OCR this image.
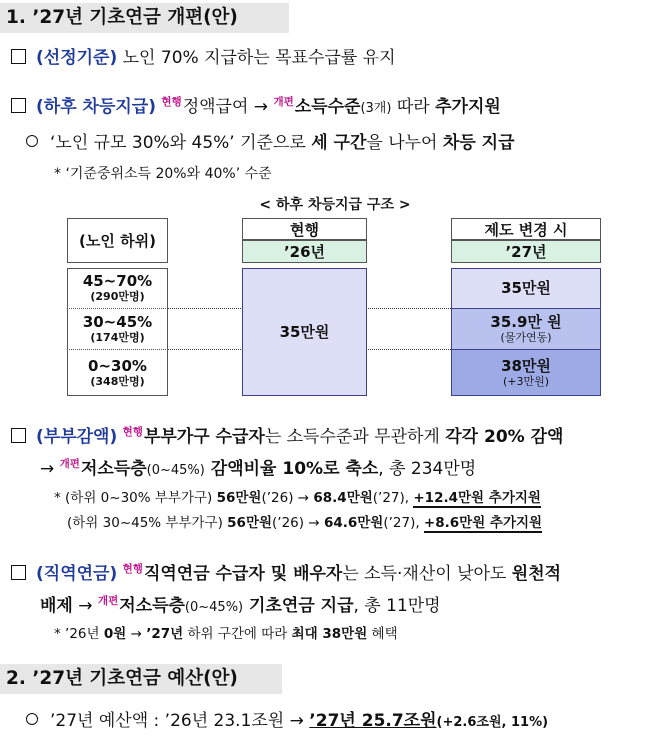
1. ’27년 기초연금 개편(안)
(선정기준) 노인 70% 지급하는 목표수급률 유지
(하후 차등지급) $^{현행}$정액급여 → $^{개편}$소득수준(3개) 따라 추가지원
‘노인 규모 30%와 45%’ 기준으로 세 구간을 나누어 차등 지급
* ‘기준중위소득 20%와 40%’ 수준
< 하후 차등지급 구조 >
(노인 하위)
현행
’26년
제도 변경 시
’27년
45~70%
(290만명)
30~45%
(174만명)
0~30%
(348만명)
35만원
35만원
35.9만 원
(물가연동)
38만원
(+3만원)
(부부감액) $^{현행}$부부가구 수급자는 소득수준과 무관하게 각각 20% 감액
→ $^{개편}$저소득층(0~45%) 감액비율 10%로 축소, 총 234만명
* (하위 0~30% 부부가구) 56만원(’26) → 68.4만원(’27), +12.4만원 추가지원
(하위 30~45% 부부가구) 56만원(’26) → 64.6만원(’27), +8.6만원 추가지원
(직역연금) $^{현행}$직역연금 수급자 및 배우자는 소득·재산이 낮아도 원천적
배제 → $^{개편}$저소득층(0~45%) 기초연금 지급, 총 11만명
* ’26년 0원 → ’27년 하위 구간에 따라 최대 38만원 혜택
2. ’27년 기초연금 예산(안)
’27년 예산액 : ’26년 23.1조원 → ’27년 25.7조원(+2.6조원, 11%)
